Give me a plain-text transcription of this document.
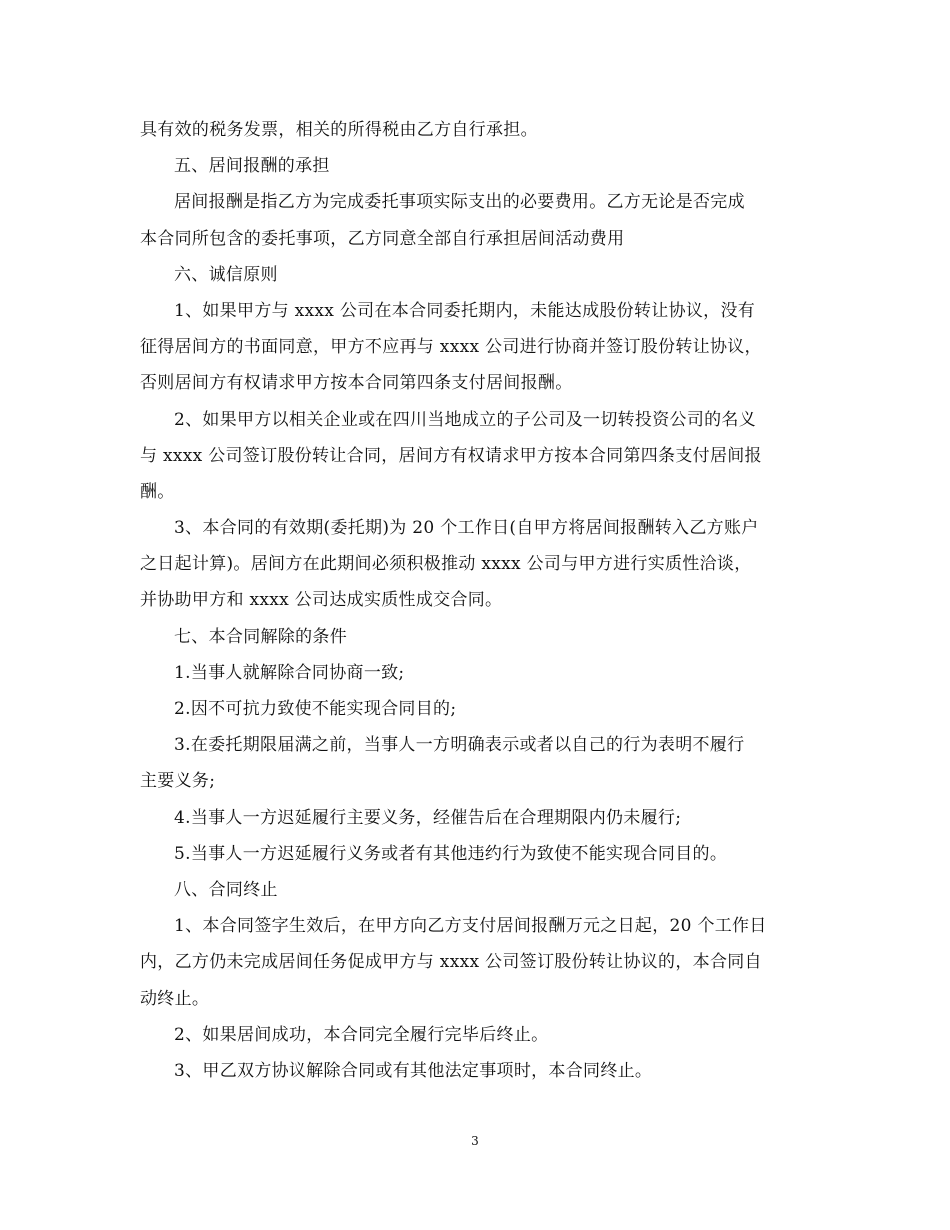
具有效的税务发票，相关的所得税由乙方自行承担。
五、居间报酬的承担
居间报酬是指乙方为完成委托事项实际支出的必要费用。乙方无论是否完成
本合同所包含的委托事项，乙方同意全部自行承担居间活动费用
六、诚信原则
1、如果甲方与 xxxx 公司在本合同委托期内，未能达成股份转让协议，没有
征得居间方的书面同意，甲方不应再与 xxxx 公司进行协商并签订股份转让协议，
否则居间方有权请求甲方按本合同第四条支付居间报酬。
2、如果甲方以相关企业或在四川当地成立的子公司及一切转投资公司的名义
与 xxxx 公司签订股份转让合同，居间方有权请求甲方按本合同第四条支付居间报
酬。
3、本合同的有效期(委托期)为 20 个工作日(自甲方将居间报酬转入乙方账户
之日起计算)。居间方在此期间必须积极推动 xxxx 公司与甲方进行实质性洽谈，
并协助甲方和 xxxx 公司达成实质性成交合同。
七、本合同解除的条件
1.当事人就解除合同协商一致;
2.因不可抗力致使不能实现合同目的;
3.在委托期限届满之前，当事人一方明确表示或者以自己的行为表明不履行
主要义务;
4.当事人一方迟延履行主要义务，经催告后在合理期限内仍未履行;
5.当事人一方迟延履行义务或者有其他违约行为致使不能实现合同目的。
八、合同终止
1、本合同签字生效后，在甲方向乙方支付居间报酬万元之日起，20 个工作日
内，乙方仍未完成居间任务促成甲方与 xxxx 公司签订股份转让协议的，本合同自
动终止。
2、如果居间成功，本合同完全履行完毕后终止。
3、甲乙双方协议解除合同或有其他法定事项时，本合同终止。
3
